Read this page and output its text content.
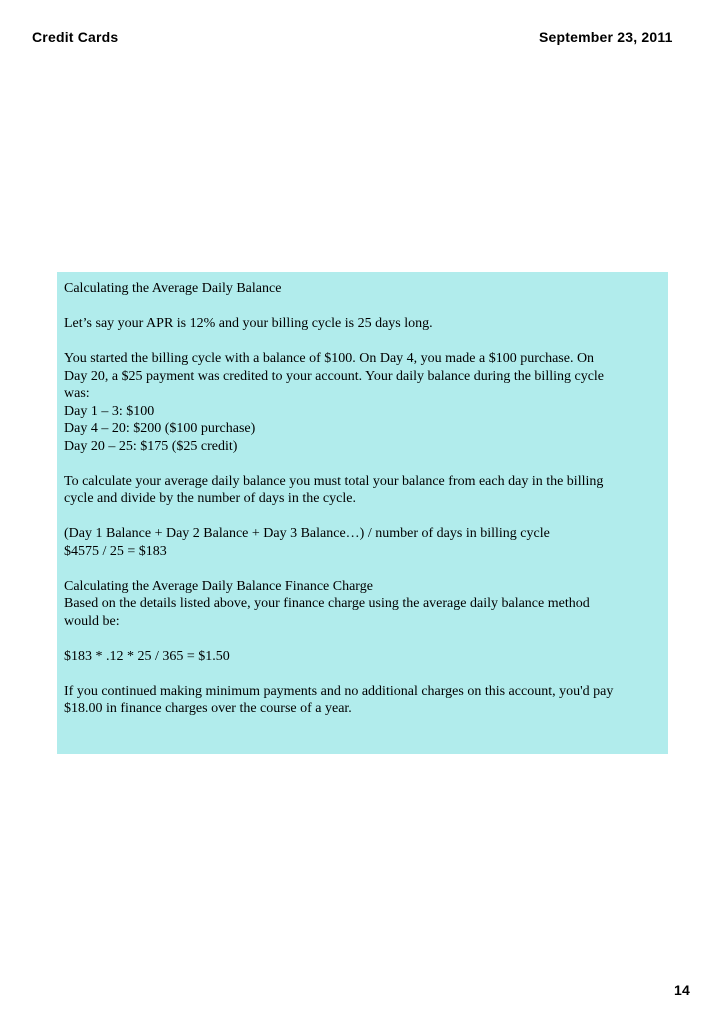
Credit Cards	September 23, 2011

Calculating the Average Daily Balance

Let’s say your APR is 12% and your billing cycle is 25 days long.

You started the billing cycle with a balance of $100. On Day 4, you made a $100 purchase. On

Day 20, a $25 payment was credited to your account. Your daily balance during the billing cycle

was:

Day 1 – 3: $100

Day 4 – 20: $200 ($100 purchase)

Day 20 – 25: $175 ($25 credit)

To calculate your average daily balance you must total your balance from each day in the billing

cycle and divide by the number of days in the cycle.

(Day 1 Balance + Day 2 Balance + Day 3 Balance…) / number of days in billing cycle

$4575 / 25 = $183

Calculating the Average Daily Balance Finance Charge

Based on the details listed above, your finance charge using the average daily balance method

would be:

$183 * .12 * 25 / 365 = $1.50

If you continued making minimum payments and no additional charges on this account, you'd pay

$18.00 in finance charges over the course of a year.

14
